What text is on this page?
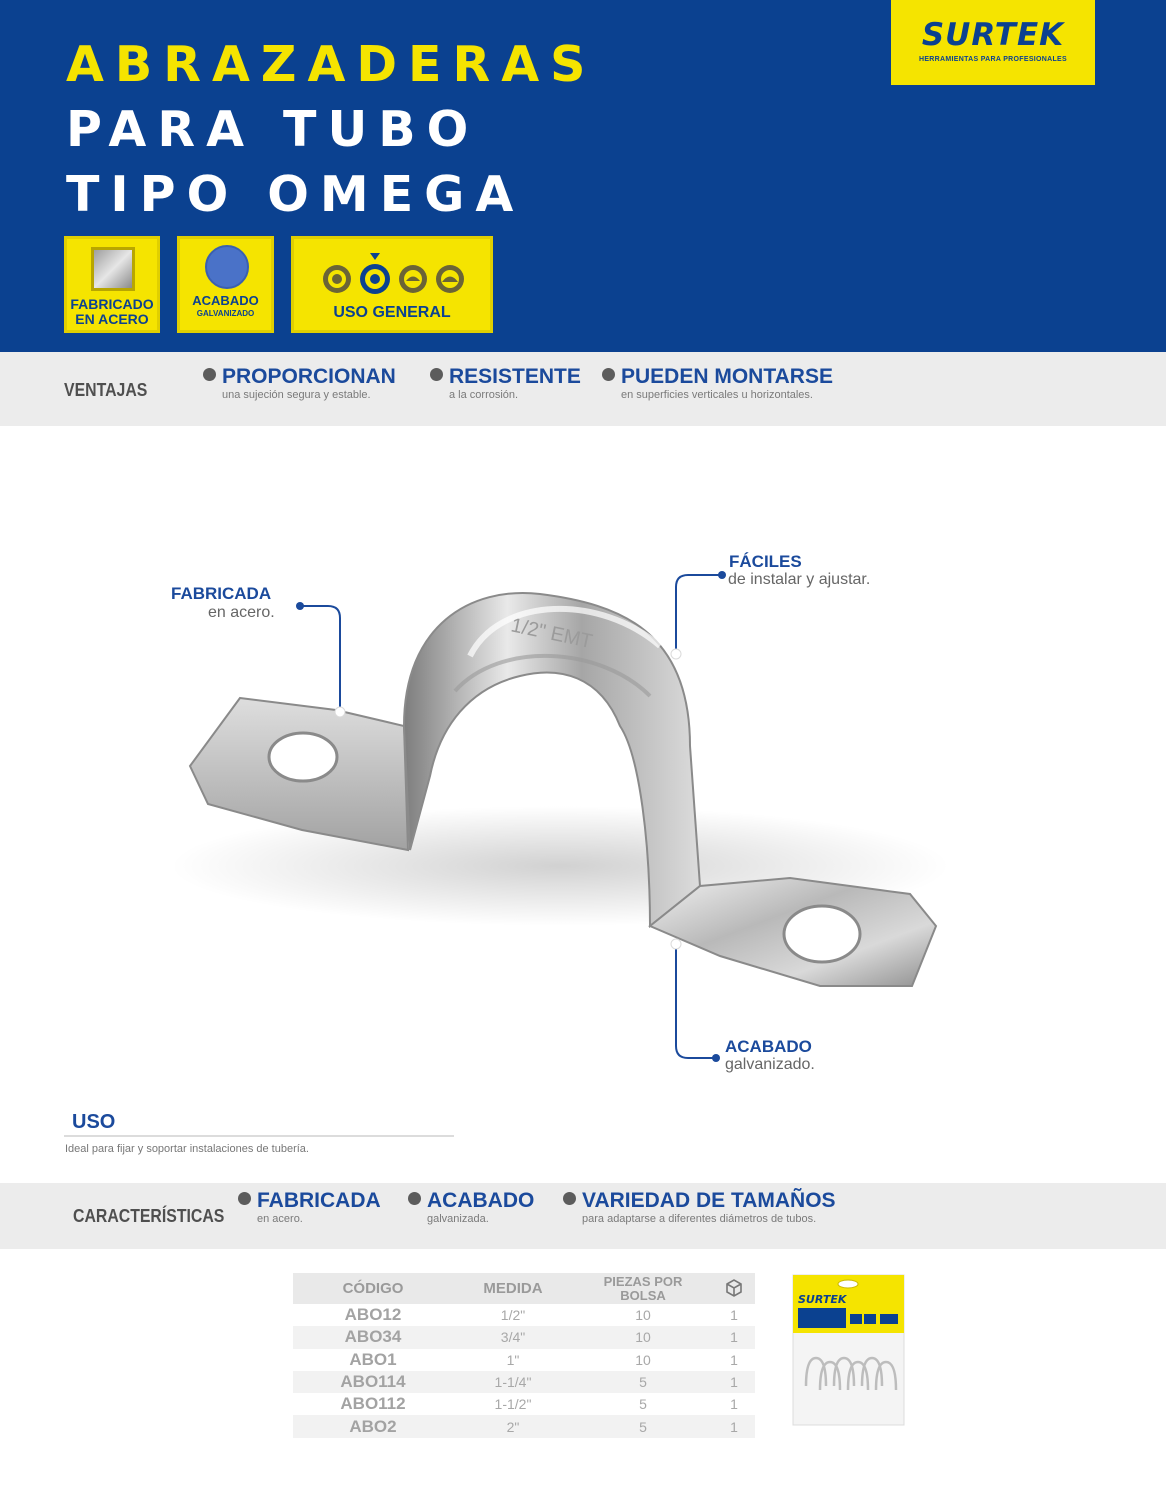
ABRAZADERAS
PARA TUBO
TIPO OMEGA
SURTEK
HERRAMIENTAS PARA PROFESIONALES
FABRICADO
EN ACERO
ACABADO
GALVANIZADO	USO GENERAL
VENTAJAS
PROPORCIONAN
una sujeción segura y estable.
RESISTENTE
a la corrosión.
PUEDEN MONTARSE
en superficies verticales u horizontales.
1/2" EMT
FABRICADA
en acero.
FÁCILES
de instalar y ajustar.
ACABADO
galvanizado.
USO
Ideal para fijar y soportar instalaciones de tubería.
CARACTERÍSTICAS
FABRICADA
en acero.
ACABADO
galvanizada.
VARIEDAD DE TAMAÑOS
para adaptarse a diferentes diámetros de tubos.
CÓDIGO	MEDIDA	PIEZAS POR
BOLSA

ABO12	1/2"	10	1
ABO34	3/4"	10	1
ABO1	1"	10	1
ABO114	1-1/4"	5	1
ABO112	1-1/2"	5	1
ABO2	2"	5	1
SURTEK
